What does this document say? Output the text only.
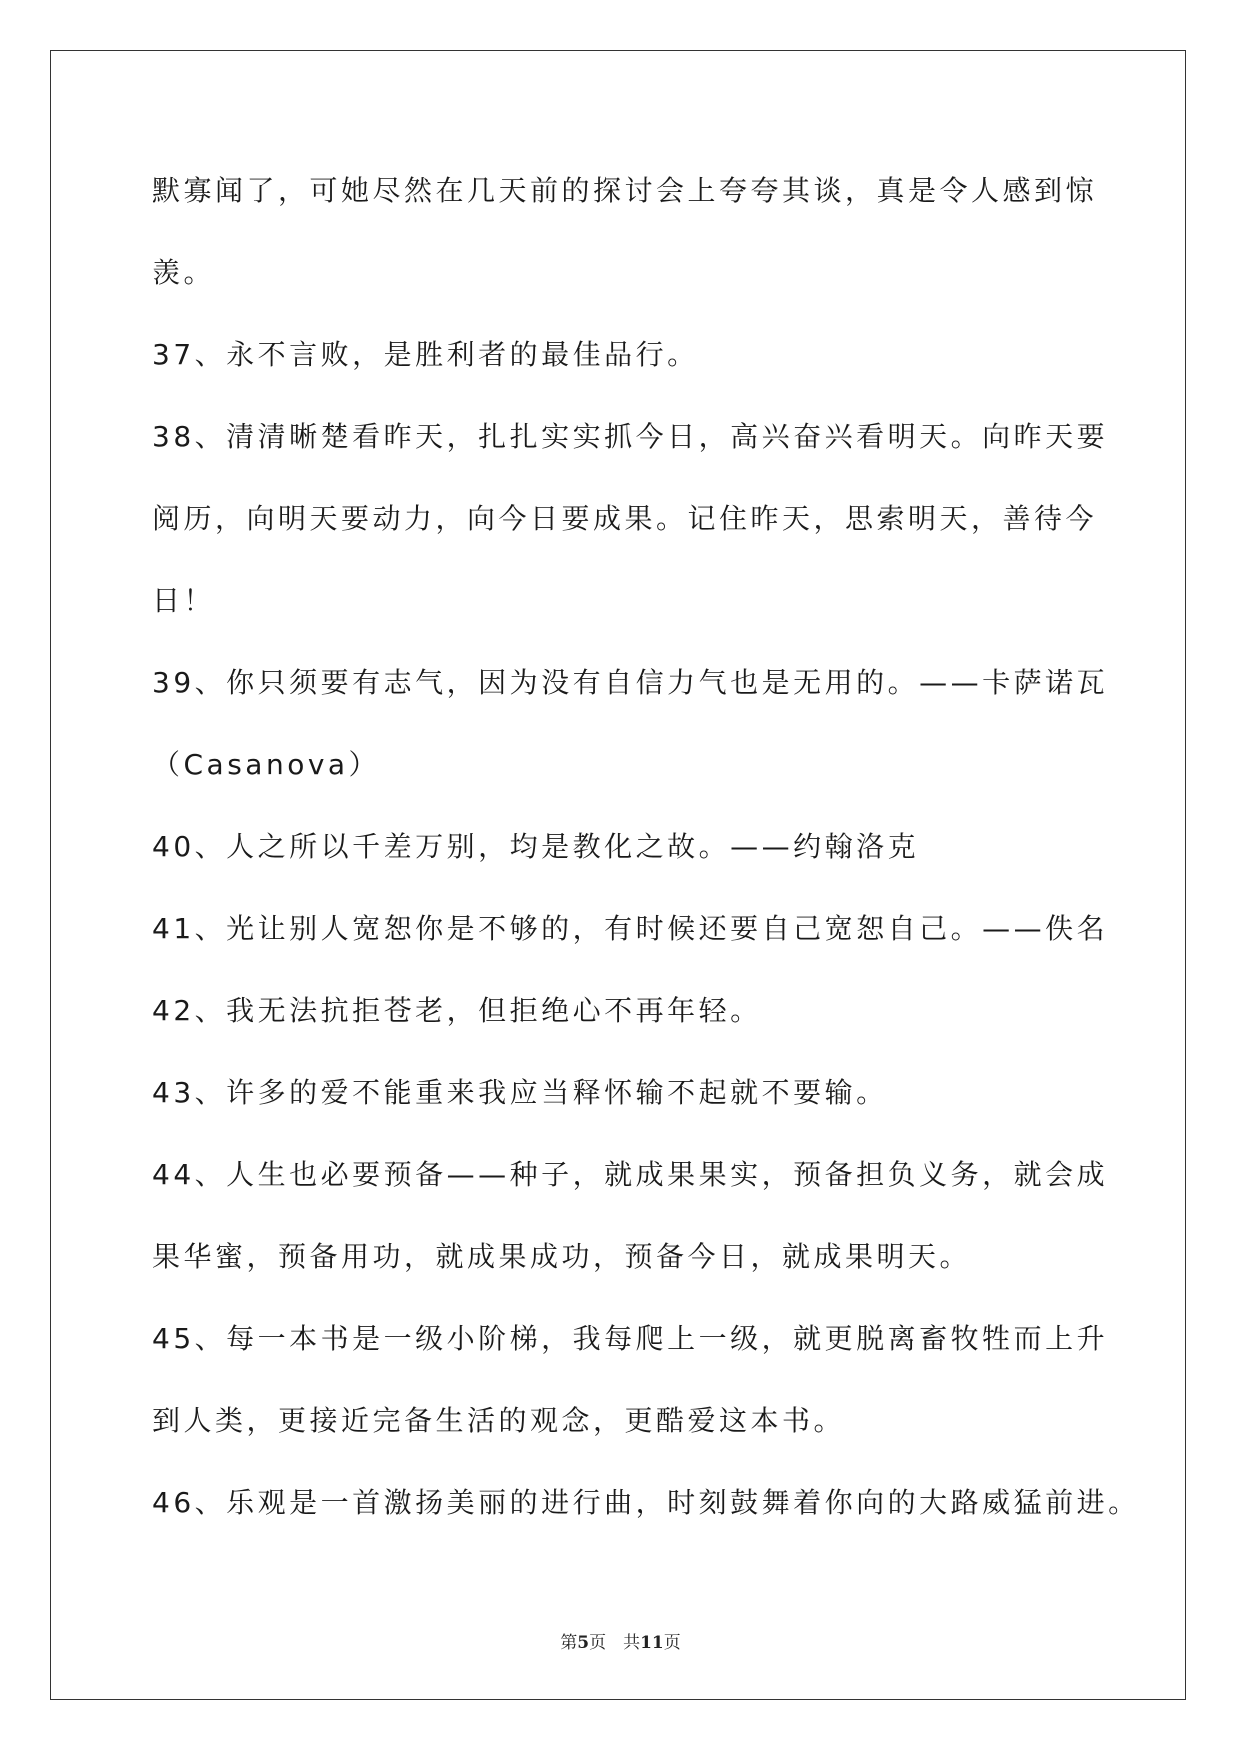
默寡闻了，可她尽然在几天前的探讨会上夸夸其谈，真是令人感到惊
羡。
37、永不言败，是胜利者的最佳品行。
38、清清晰楚看昨天，扎扎实实抓今日，高兴奋兴看明天。向昨天要
阅历，向明天要动力，向今日要成果。记住昨天，思索明天，善待今
日！
39、你只须要有志气，因为没有自信力气也是无用的。——卡萨诺瓦
（Casanova）
40、人之所以千差万别，均是教化之故。——约翰洛克
41、光让别人宽恕你是不够的，有时候还要自己宽恕自己。——佚名
42、我无法抗拒苍老，但拒绝心不再年轻。
43、许多的爱不能重来我应当释怀输不起就不要输。
44、人生也必要预备——种子，就成果果实，预备担负义务，就会成
果华蜜，预备用功，就成果成功，预备今日，就成果明天。
45、每一本书是一级小阶梯，我每爬上一级，就更脱离畜牧牲而上升
到人类，更接近完备生活的观念，更酷爱这本书。
46、乐观是一首激扬美丽的进行曲，时刻鼓舞着你向的大路威猛前进。
第5页　共11页
